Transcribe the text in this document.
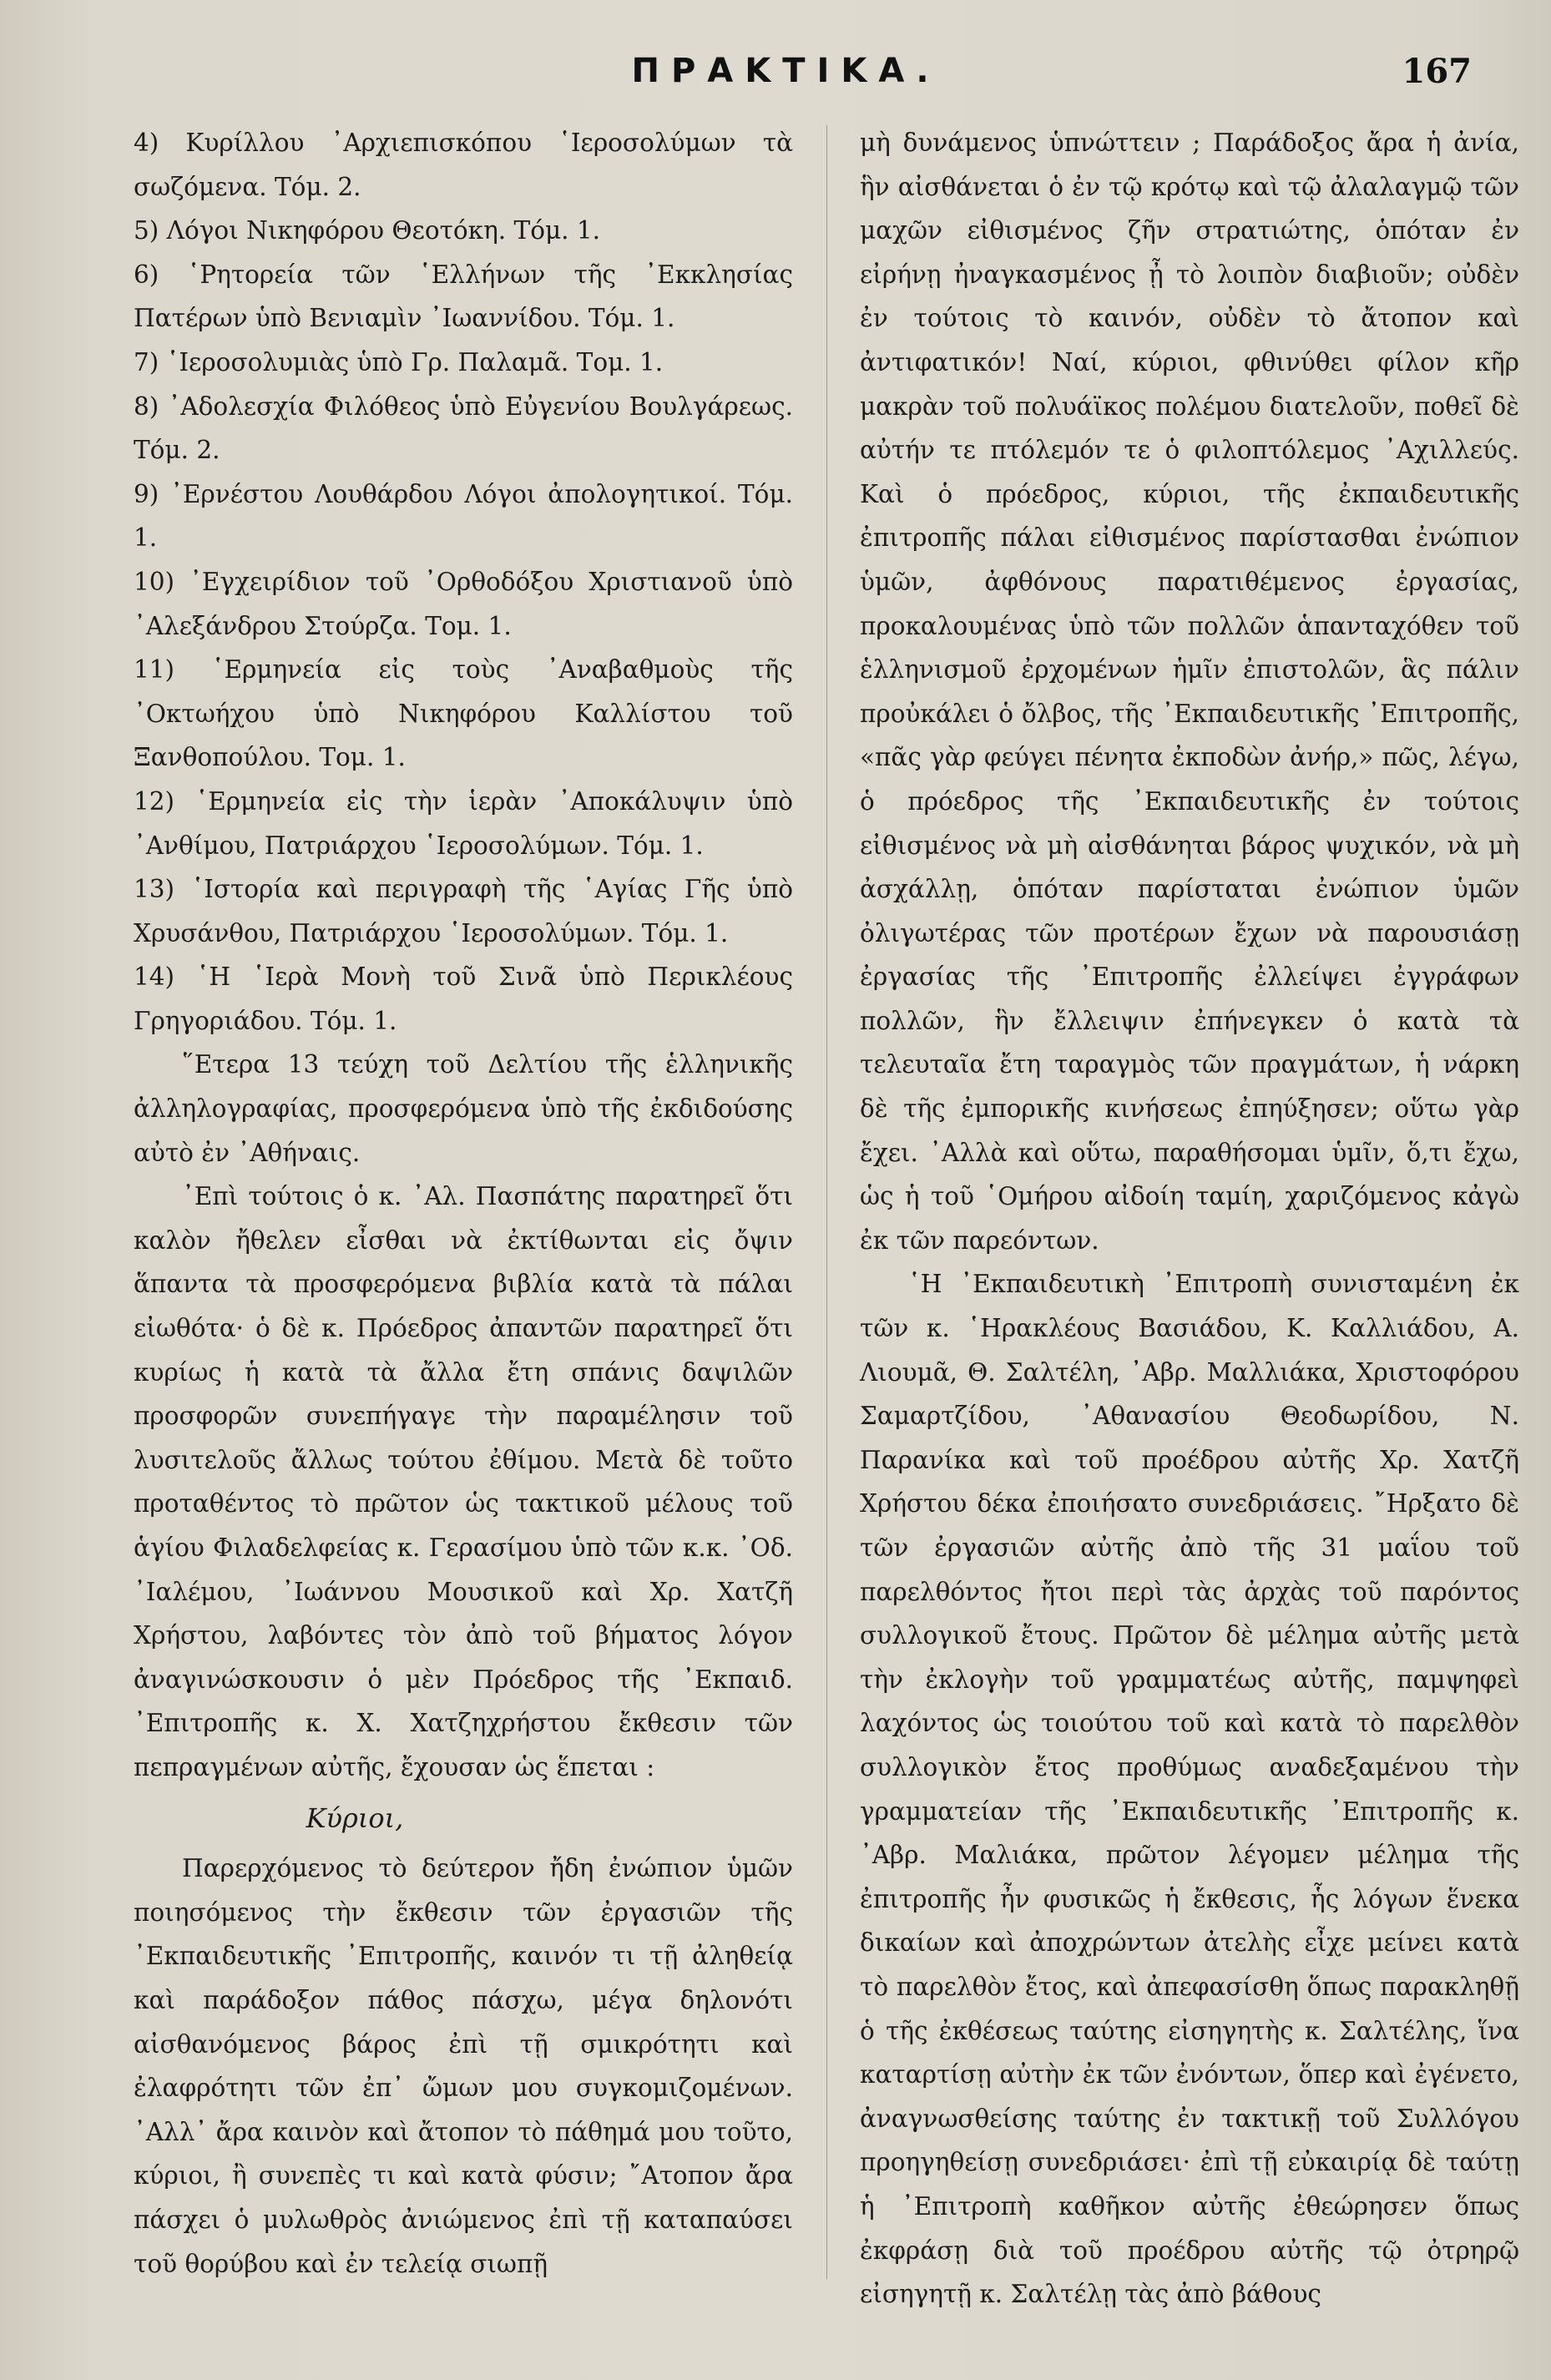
ΠΡΑΚΤΙΚΑ.	167

4) Κυρίλλου ᾿Αρχιεπισκόπου ῾Ιεροσολύμων τὰ σωζόμενα. Τόμ. 2.

5) Λόγοι Νικηφόρου Θεοτόκη. Τόμ. 1.

6) ῾Ρητορεία τῶν ῾Ελλήνων τῆς ᾿Εκκλησίας Πατέρων ὑπὸ Βενιαμὶν ᾿Ιωαννίδου. Τόμ. 1.

7) ῾Ιεροσολυμιὰς ὑπὸ Γρ. Παλαμᾶ. Τομ. 1.

8) ᾿Αδολεσχία Φιλόθεος ὑπὸ Εὐγενίου Βουλγάρεως. Τόμ. 2.

9) ᾿Ερνέστου Λουθάρδου Λόγοι ἀπολογητικοί. Τόμ. 1.

10) ᾿Εγχειρίδιον τοῦ ᾿Ορθοδόξου Χριστιανοῦ ὑπὸ ᾿Αλεξάνδρου Στούρζα. Τομ. 1.

11) ῾Ερμηνεία εἰς τοὺς ᾿Αναβαθμοὺς τῆς ᾿Οκτωήχου ὑπὸ Νικηφόρου Καλλίστου τοῦ Ξανθοπούλου. Τομ. 1.

12) ῾Ερμηνεία εἰς τὴν ἱερὰν ᾿Αποκάλυψιν ὑπὸ ᾿Ανθίμου, Πατριάρχου ῾Ιεροσολύμων. Τόμ. 1.

13) ῾Ιστορία καὶ περιγραφὴ τῆς ῾Αγίας Γῆς ὑπὸ Χρυσάνθου, Πατριάρχου ῾Ιεροσολύμων. Τόμ. 1.

14) ῾Η ῾Ιερὰ Μονὴ τοῦ Σινᾶ ὑπὸ Περικλέους Γρηγοριάδου. Τόμ. 1.

῞Ετερα 13 τεύχη τοῦ Δελτίου τῆς ἑλληνικῆς ἀλληλογραφίας, προσφερόμενα ὑπὸ τῆς ἐκδιδούσης αὐτὸ ἐν ᾿Αθήναις.

᾿Επὶ τούτοις ὁ κ. ᾿Αλ. Πασπάτης παρατηρεῖ ὅτι καλὸν ἤθελεν εἶσθαι νὰ ἐκτίθωνται εἰς ὄψιν ἅπαντα τὰ προσφερόμενα βιβλία κατὰ τὰ πάλαι εἰωθότα· ὁ δὲ κ. Πρόεδρος ἀπαντῶν παρατηρεῖ ὅτι κυρίως ἡ κατὰ τὰ ἄλλα ἔτη σπάνις δαψιλῶν προσφορῶν συνεπήγαγε τὴν παραμέλησιν τοῦ λυσιτελοῦς ἄλλως τούτου ἐθίμου. Μετὰ δὲ τοῦτο προταθέντος τὸ πρῶτον ὡς τακτικοῦ μέλους τοῦ ἁγίου Φιλαδελφείας κ. Γερασίμου ὑπὸ τῶν κ.κ. ᾿Οδ. ᾿Ιαλέμου, ᾿Ιωάννου Μουσικοῦ καὶ Χρ. Χατζῆ Χρήστου, λαβόντες τὸν ἀπὸ τοῦ βήματος λόγον ἀναγινώσκουσιν ὁ μὲν Πρόεδρος τῆς ᾿Εκπαιδ. ᾿Επιτροπῆς κ. Χ. Χατζηχρήστου ἔκθεσιν τῶν πεπραγμένων αὐτῆς, ἔχουσαν ὡς ἕπεται :

Κύριοι,

Παρερχόμενος τὸ δεύτερον ἤδη ἐνώπιον ὑμῶν ποιησόμενος τὴν ἔκθεσιν τῶν ἐργασιῶν τῆς ᾿Εκπαιδευτικῆς ᾿Επιτροπῆς, καινόν τι τῇ ἀληθείᾳ καὶ παράδοξον πάθος πάσχω, μέγα δηλονότι αἰσθανόμενος βάρος ἐπὶ τῇ σμικρότητι καὶ ἐλαφρότητι τῶν ἐπ᾿ ὤμων μου συγκομιζομένων. ᾿Αλλ᾿ ἄρα καινὸν καὶ ἄτοπον τὸ πάθημά μου τοῦτο, κύριοι, ἢ συνεπὲς τι καὶ κατὰ φύσιν; ῎Ατοπον ἄρα πάσχει ὁ μυλωθρὸς ἀνιώμενος ἐπὶ τῇ καταπαύσει τοῦ θορύβου καὶ ἐν τελείᾳ σιωπῇ

μὴ δυνάμενος ὑπνώττειν ; Παράδοξος ἄρα ἡ ἀνία, ἣν αἰσθάνεται ὁ ἐν τῷ κρότῳ καὶ τῷ ἀλαλαγμῷ τῶν μαχῶν εἰθισμένος ζῆν στρατιώτης, ὁπόταν ἐν εἰρήνῃ ἠναγκασμένος ᾖ τὸ λοιπὸν διαβιοῦν; οὐδὲν ἐν τούτοις τὸ καινόν, οὐδὲν τὸ ἄτοπον καὶ ἀντιφατικόν! Ναί, κύριοι, φθινύθει φίλον κῆρ μακρὰν τοῦ πολυάϊκος πολέμου διατελοῦν, ποθεῖ δὲ αὐτήν τε πτόλεμόν τε ὁ φιλοπτόλεμος ᾿Αχιλλεύς. Καὶ ὁ πρόεδρος, κύριοι, τῆς ἐκπαιδευτικῆς ἐπιτροπῆς πάλαι εἰθισμένος παρίστασθαι ἐνώπιον ὑμῶν, ἀφθόνους παρατιθέμενος ἐργασίας, προκαλουμένας ὑπὸ τῶν πολλῶν ἁπανταχόθεν τοῦ ἑλληνισμοῦ ἐρχομένων ἡμῖν ἐπιστολῶν, ἃς πάλιν προὐκάλει ὁ ὄλβος, τῆς ᾿Εκπαιδευτικῆς ᾿Επιτροπῆς, «πᾶς γὰρ φεύγει πένητα ἐκποδὼν ἀνήρ,» πῶς, λέγω, ὁ πρόεδρος τῆς ᾿Εκπαιδευτικῆς ἐν τούτοις εἰθισμένος νὰ μὴ αἰσθάνηται βάρος ψυχικόν, νὰ μὴ ἀσχάλλῃ, ὁπόταν παρίσταται ἐνώπιον ὑμῶν ὀλιγωτέρας τῶν προτέρων ἔχων νὰ παρουσιάσῃ ἐργασίας τῆς ᾿Επιτροπῆς ἐλλείψει ἐγγράφων πολλῶν, ἣν ἔλλειψιν ἐπήνεγκεν ὁ κατὰ τὰ τελευταῖα ἔτη ταραγμὸς τῶν πραγμάτων, ἡ νάρκη δὲ τῆς ἐμπορικῆς κινήσεως ἐπηύξησεν; οὕτω γὰρ ἔχει. ᾿Αλλὰ καὶ οὕτω, παραθήσομαι ὑμῖν, ὅ,τι ἔχω, ὡς ἡ τοῦ ῾Ομήρου αἰδοίη ταμίη, χαριζόμενος κἀγὼ ἐκ τῶν παρεόντων.

῾Η ᾿Εκπαιδευτικὴ ᾿Επιτροπὴ συνισταμένη ἐκ τῶν κ. ῾Ηρακλέους Βασιάδου, Κ. Καλλιάδου, Α. Λιουμᾶ, Θ. Σαλτέλη, ᾿Αβρ. Μαλλιάκα, Χριστοφόρου Σαμαρτζίδου, ᾿Αθανασίου Θεοδωρίδου, Ν. Παρανίκα καὶ τοῦ προέδρου αὐτῆς Χρ. Χατζῆ Χρήστου δέκα ἐποιήσατο συνεδριάσεις. ῎Ηρξατο δὲ τῶν ἐργασιῶν αὐτῆς ἀπὸ τῆς 31 μαΐου τοῦ παρελθόντος ἤτοι περὶ τὰς ἀρχὰς τοῦ παρόντος συλλογικοῦ ἔτους. Πρῶτον δὲ μέλημα αὐτῆς μετὰ τὴν ἐκλογὴν τοῦ γραμματέως αὐτῆς, παμψηφεὶ λαχόντος ὡς τοιούτου τοῦ καὶ κατὰ τὸ παρελθὸν συλλογικὸν ἔτος προθύμως αναδεξαμένου τὴν γραμματείαν τῆς ᾿Εκπαιδευτικῆς ᾿Επιτροπῆς κ. ᾿Αβρ. Μαλιάκα, πρῶτον λέγομεν μέλημα τῆς ἐπιτροπῆς ἦν φυσικῶς ἡ ἔκθεσις, ἧς λόγων ἕνεκα δικαίων καὶ ἀποχρώντων ἀτελὴς εἶχε μείνει κατὰ τὸ παρελθὸν ἔτος, καὶ ἀπεφασίσθη ὅπως παρακληθῇ ὁ τῆς ἐκθέσεως ταύτης εἰσηγητὴς κ. Σαλτέλης, ἵνα καταρτίσῃ αὐτὴν ἐκ τῶν ἐνόντων, ὅπερ καὶ ἐγένετο, ἀναγνωσθείσης ταύτης ἐν τακτικῇ τοῦ Συλλόγου προηγηθείσῃ συνεδριάσει· ἐπὶ τῇ εὐκαιρίᾳ δὲ ταύτῃ ἡ ᾿Επιτροπὴ καθῆκον αὐτῆς ἐθεώρησεν ὅπως ἐκφράσῃ διὰ τοῦ προέδρου αὐτῆς τῷ ὀτρηρῷ εἰσηγητῇ κ. Σαλτέλῃ τὰς ἀπὸ βάθους
